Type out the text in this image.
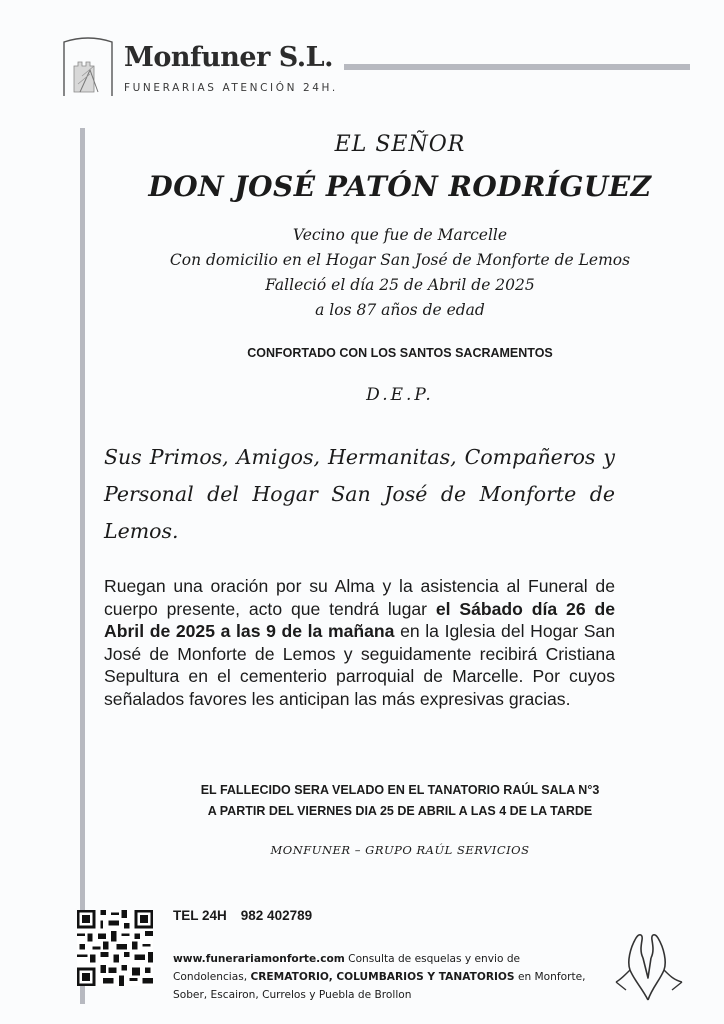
Monfuner S.L.
FUNERARIAS ATENCIÓN 24H.
EL SEÑOR
DON JOSÉ PATÓN RODRÍGUEZ
Vecino que fue de Marcelle
Con domicilio en el Hogar San José de Monforte de Lemos
Falleció el día 25 de Abril de 2025
a los 87 años de edad
CONFORTADO CON LOS SANTOS SACRAMENTOS
D.E.P.

Sus Primos, Amigos, Hermanitas, Compañeros y Personal del Hogar San José de Monforte de Lemos.

Ruegan una oración por su Alma y la asistencia al Funeral de cuerpo presente, acto que tendrá lugar el Sábado día 26 de Abril de 2025 a las 9 de la mañana en la Iglesia del Hogar San José de Monforte de Lemos y seguidamente recibirá Cristiana Sepultura en el cementerio parroquial de Marcelle. Por cuyos señalados favores les anticipan las más expresivas gracias.

EL FALLECIDO SERA VELADO EN EL TANATORIO RAÚL SALA N°3
A PARTIR DEL VIERNES DIA 25 DE ABRIL A LAS 4 DE LA TARDE
MONFUNER – GRUPO RAÚL SERVICIOS
TEL 24H 982 402789

www.funerariamonforte.com Consulta de esquelas y envio de Condolencias, CREMATORIO, COLUMBARIOS Y TANATORIOS en Monforte, Sober, Escairon, Currelos y Puebla de Brollon
